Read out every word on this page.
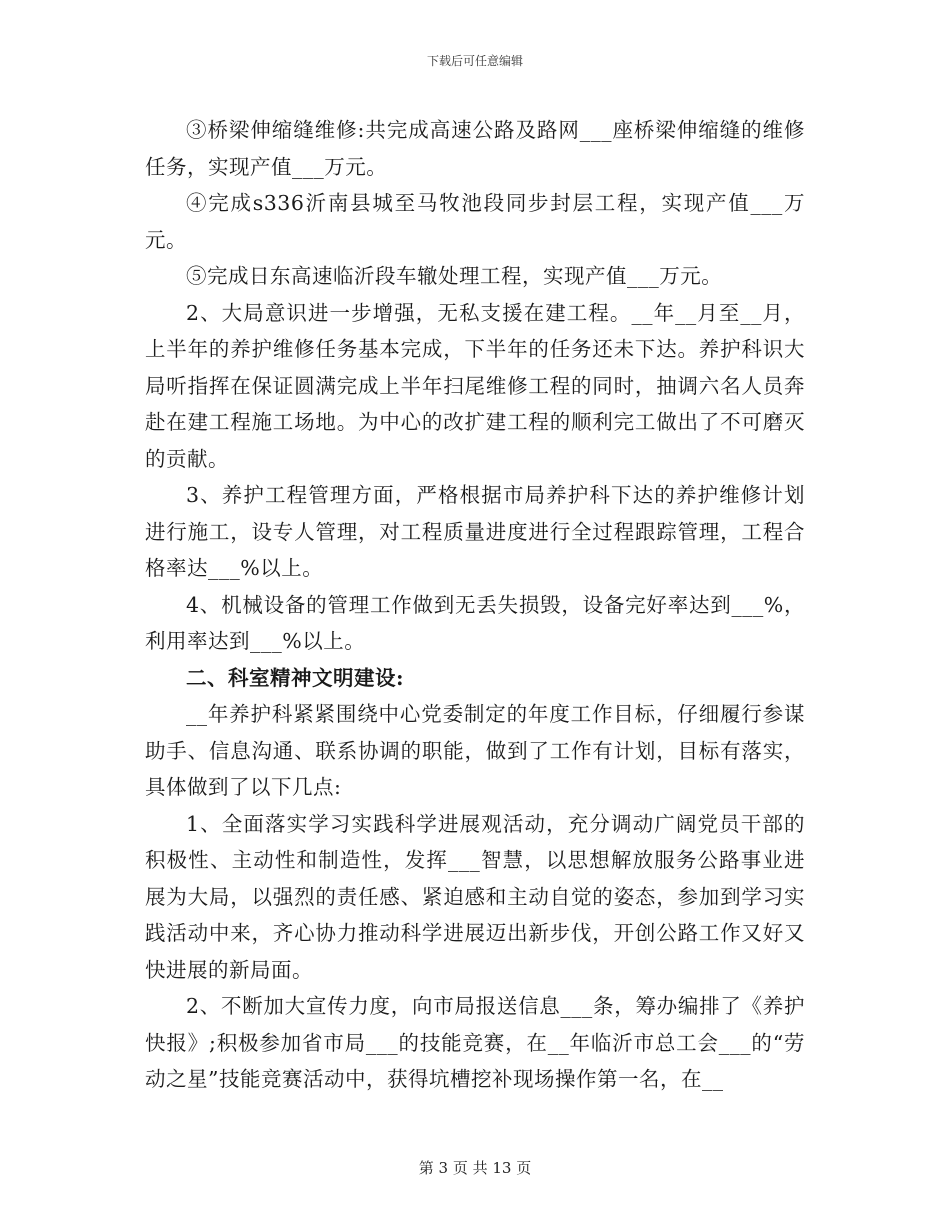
下载后可任意编辑

③桥梁伸缩缝维修:共完成高速公路及路网___座桥梁伸缩缝的维修任务，实现产值___万元。

④完成s336沂南县城至马牧池段同步封层工程，实现产值___万元。

⑤完成日东高速临沂段车辙处理工程，实现产值___万元。

2、大局意识进一步增强，无私支援在建工程。__年__月至__月，上半年的养护维修任务基本完成，下半年的任务还未下达。养护科识大局听指挥在保证圆满完成上半年扫尾维修工程的同时，抽调六名人员奔赴在建工程施工场地。为中心的改扩建工程的顺利完工做出了不可磨灭的贡献。

3、养护工程管理方面，严格根据市局养护科下达的养护维修计划进行施工，设专人管理，对工程质量进度进行全过程跟踪管理，工程合格率达___%以上。

4、机械设备的管理工作做到无丢失损毁，设备完好率达到___%，利用率达到___%以上。

二、科室精神文明建设:

__年养护科紧紧围绕中心党委制定的年度工作目标，仔细履行参谋助手、信息沟通、联系协调的职能，做到了工作有计划，目标有落实，具体做到了以下几点:

1、全面落实学习实践科学进展观活动，充分调动广阔党员干部的积极性、主动性和制造性，发挥___智慧，以思想解放服务公路事业进展为大局，以强烈的责任感、紧迫感和主动自觉的姿态，参加到学习实践活动中来，齐心协力推动科学进展迈出新步伐，开创公路工作又好又快进展的新局面。

2、不断加大宣传力度，向市局报送信息___条，筹办编排了《养护快报》;积极参加省市局___的技能竞赛，在__年临沂市总工会___的“劳动之星”技能竞赛活动中，获得坑槽挖补现场操作第一名，在__

第 3 页 共 13 页
